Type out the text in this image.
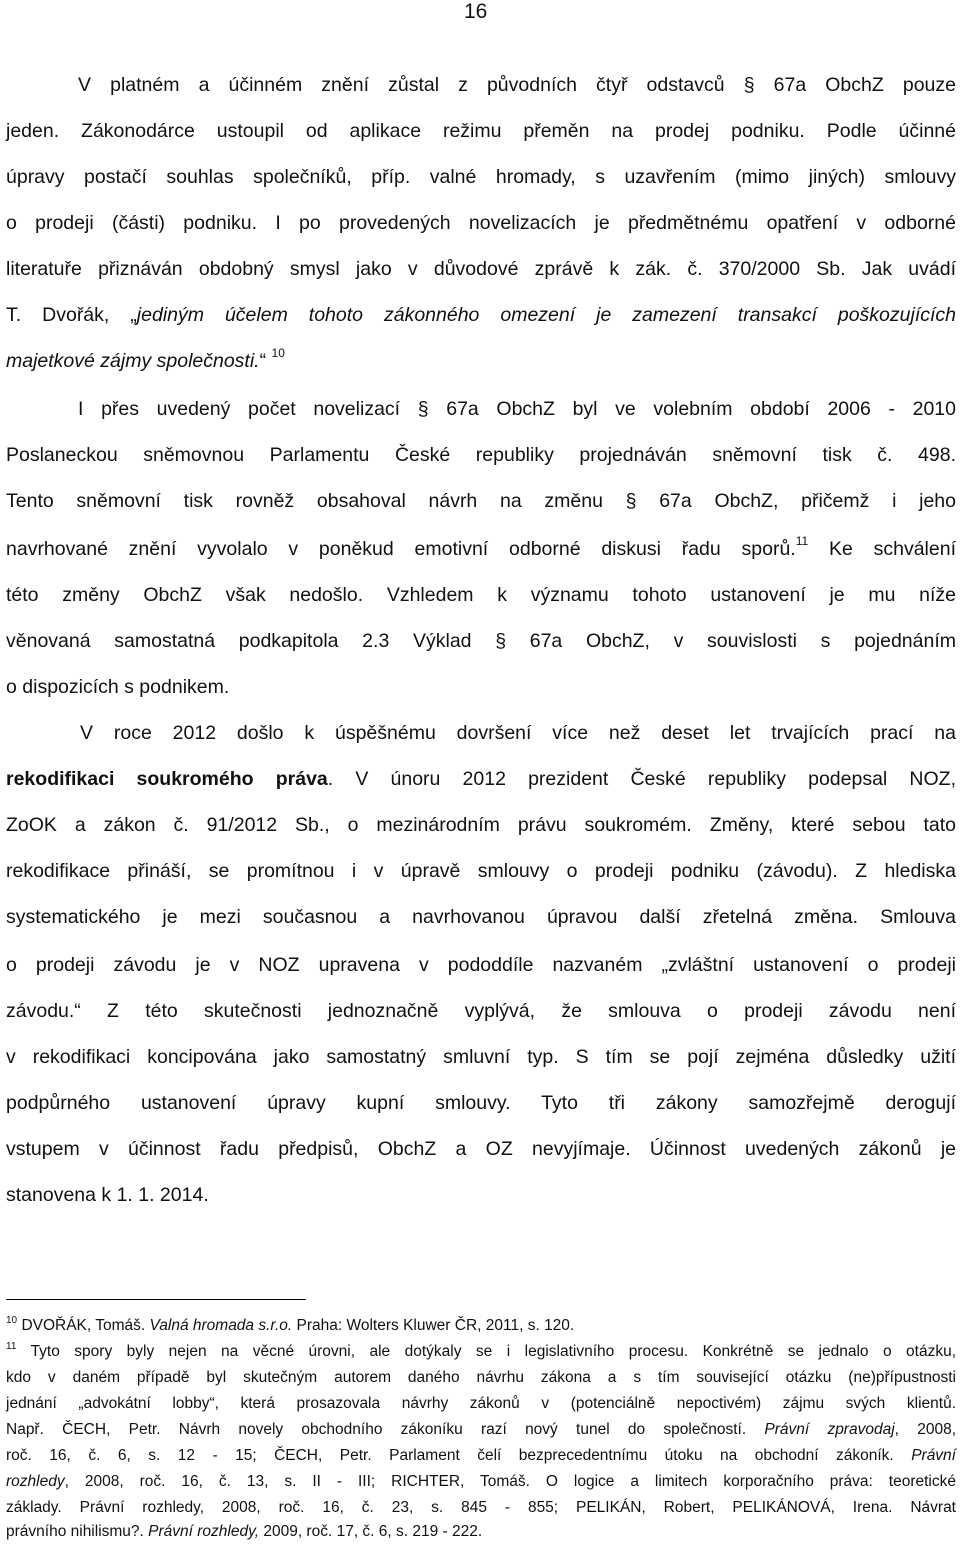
16
V platném a účinném znění zůstal z původních čtyř odstavců § 67a ObchZ pouze
jeden. Zákonodárce ustoupil od aplikace režimu přeměn na prodej podniku. Podle účinné
úpravy postačí souhlas společníků, příp. valné hromady, s uzavřením (mimo jiných) smlouvy
o prodeji (části) podniku. I po provedených novelizacích je předmětnému opatření v odborné
literatuře přiznáván obdobný smysl jako v důvodové zprávě k zák. č. 370/2000 Sb. Jak uvádí
T. Dvořák, „jediným účelem tohoto zákonného omezení je zamezení transakcí poškozujících
majetkové zájmy společnosti.“ $^{10}$
I přes uvedený počet novelizací § 67a ObchZ byl ve volebním období 2006 - 2010
Poslaneckou sněmovnou Parlamentu České republiky projednáván sněmovní tisk č. 498.
Tento sněmovní tisk rovněž obsahoval návrh na změnu § 67a ObchZ, přičemž i jeho
navrhované znění vyvolalo v poněkud emotivní odborné diskusi řadu sporů.$^{11}$ Ke schválení
této změny ObchZ však nedošlo. Vzhledem k významu tohoto ustanovení je mu níže
věnovaná samostatná podkapitola 2.3 Výklad § 67a ObchZ, v souvislosti s pojednáním
o dispozicích s podnikem.
V roce 2012 došlo k úspěšnému dovršení více než deset let trvajících prací na
rekodifikaci soukromého práva. V únoru 2012 prezident České republiky podepsal NOZ,
ZoOK a zákon č. 91/2012 Sb., o mezinárodním právu soukromém. Změny, které sebou tato
rekodifikace přináší, se promítnou i v úpravě smlouvy o prodeji podniku (závodu). Z hlediska
systematického je mezi současnou a navrhovanou úpravou další zřetelná změna. Smlouva
o prodeji závodu je v NOZ upravena v pododdíle nazvaném „zvláštní ustanovení o prodeji
závodu.“ Z této skutečnosti jednoznačně vyplývá, že smlouva o prodeji závodu není
v rekodifikaci koncipována jako samostatný smluvní typ. S tím se pojí zejména důsledky užití
podpůrného ustanovení úpravy kupní smlouvy. Tyto tři zákony samozřejmě derogují
vstupem v účinnost řadu předpisů, ObchZ a OZ nevyjímaje. Účinnost uvedených zákonů je
stanovena k 1. 1. 2014.
$^{10}$ DVOŘÁK, Tomáš. Valná hromada s.r.o. Praha: Wolters Kluwer ČR, 2011, s. 120.
$^{11}$ Tyto spory byly nejen na věcné úrovni, ale dotýkaly se i legislativního procesu. Konkrétně se jednalo o otázku,
kdo v daném případě byl skutečným autorem daného návrhu zákona a s tím související otázku (ne)přípustnosti
jednání „advokátní lobby“, která prosazovala návrhy zákonů v (potenciálně nepoctivém) zájmu svých klientů.
Např. ČECH, Petr. Návrh novely obchodního zákoníku razí nový tunel do společností. Právní zpravodaj, 2008,
roč. 16, č. 6, s. 12 - 15; ČECH, Petr. Parlament čelí bezprecedentnímu útoku na obchodní zákoník. Právní
rozhledy, 2008, roč. 16, č. 13, s. II - III; RICHTER, Tomáš. O logice a limitech korporačního práva: teoretické
základy. Právní rozhledy, 2008, roč. 16, č. 23, s. 845 - 855; PELIKÁN, Robert, PELIKÁNOVÁ, Irena. Návrat
právního nihilismu?. Právní rozhledy, 2009, roč. 17, č. 6, s. 219 - 222.
